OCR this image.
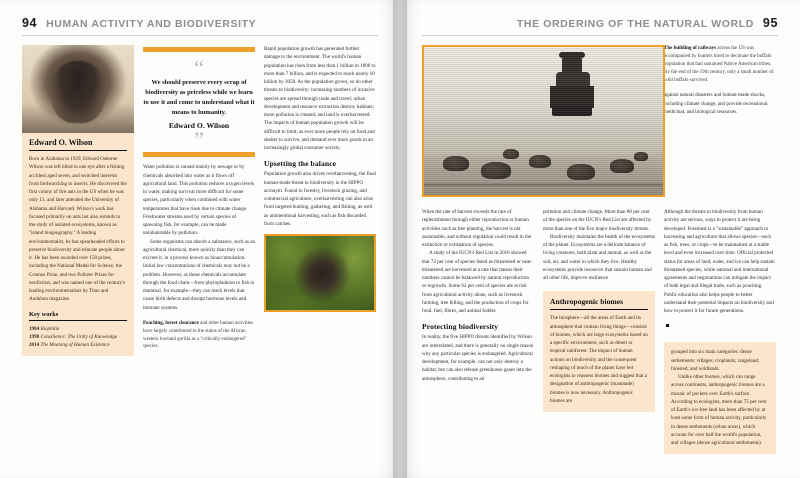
94 HUMAN ACTIVITY AND BIODIVERSITY
Edward O. Wilson

Born in Alabama in 1929, Edward Osborne Wilson was left blind in one eye after a fishing accident aged seven, and switched interests from birdwatching to insects. He discovered the first colony of fire ants in the US when he was only 13, and later attended the University of Alabama and Harvard. Wilson's work has focused primarily on ants but also extends to the study of isolated ecosystems, known as "island biogeography." A leading environmentalist, he has spearheaded efforts to preserve biodiversity and educate people about it. He has been awarded over 150 prizes, including the National Medal for Science, the Cosmos Prize, and two Pulitzer Prizes for nonfiction, and was named one of the century's leading environmentalists by Time and Audubon magazine.

Key works
1984 Biophilia
1998 Consilience: The Unity of Knowledge
2014 The Meaning of Human Existence
“
We should preserve every scrap of biodiversity as priceless while we learn to use it and come to understand what it means to humanity.
Edward O. Wilson
”

Water pollution is caused mainly by sewage or by chemicals absorbed into water as it flows off agricultural land. This pollution reduces oxygen levels in water, making survival more difficult for some species, particularly when combined with water temperatures that have risen due to climate change. Freshwater streams used by certain species of spawning fish, for example, can be made uninhabitable by pollution.

Some organisms can absorb a substance, such as an agricultural chemical, more quickly than they can excrete it, in a process known as bioaccumulation. Initial low concentrations of chemicals may not be a problem. However, as those chemicals accumulate through the food chain—from phytoplankton to fish to mammal, for example—they can reach levels that cause birth defects and disrupt hormone levels and immune systems.

Poaching, forest clearance and other human activities have largely contributed to the status of the African western lowland gorilla as a "critically endangered" species.

Rapid population growth has generated further damage to the environment. The world's human population has risen from less than 1 billion in 1800 to more than 7 billion, and is expected to reach nearly 10 billion by 2050. As the population grows, so do other threats to biodiversity: increasing numbers of invasive species are spread through trade and travel; urban development and resource extraction destroy habitats; more pollution is created; and land is overharvested. The impacts of human population growth will be difficult to limit, as ever more people rely on food and shelter to survive, and demand ever more goods in an increasingly global consumer society.

Upsetting the balance

Population growth also drives overharvesting, the final human-made threat to biodiversity in the HIPPO acronym. Found in forestry, livestock grazing, and commercial agriculture, overharvesting can also arise from targeted hunting, gathering, and fishing, as well as unintentional harvesting, such as fish discarded from catches.

THE ORDERING OF THE NATURAL WORLD 95
The building of railways across the US was accompanied by hunters hired to decimate the buffalo population that had sustained Native American tribes. By the end of the 19th century, only a small number of wild buffalo survived.

against natural disasters and human-made shocks, including climate change, and provide recreational, medicinal, and biological resources.

When the rate of harvest exceeds the rate of replenishment through either reproduction or human activities such as tree planting, the harvest is not sustainable, and without regulation could result in the extinction or extirpation of species.

A study of the IUCN's Red List in 2016 showed that 72 per cent of species listed as threatened or near-threatened are harvested at a rate that means their numbers cannot be balanced by natural reproduction or regrowth. Some 62 per cent of species are at risk from agricultural activity alone, such as livestock farming, tree felling, and the production of crops for food, fuel, fibres, and animal fodder.

Protecting biodiversity

In reality, the five HIPPO threats identified by Wilson are interrelated, and there is generally no single reason why any particular species is endangered. Agricultural development, for example, can not only destroy a habitat, but can also release greenhouse gases into the atmosphere, contributing to air

pollution and climate change. More than 80 per cent of the species on the IUCN's Red List are affected by more than one of the five major biodiversity threats.

Biodiversity maintains the health of the ecosystems of the planet. Ecosystems are a delicate balance of living creatures, both plant and animal, as well as the soil, air, and water in which they live. Healthy ecosystems provide resources that sustain human and all other life, improve resilience

Anthropogenic biomes

The biosphere—all the areas of Earth and its atmosphere that contain living things—consists of biomes, which are large ecosystems based on a specific environment, such as desert or tropical rainforest. The impact of human actions on biodiversity and the consequent reshaping of much of the planet have led ecologists to reassess biomes and suggest that a designation of anthropogenic (manmade) biomes is now necessary. Anthropogenic biomes are

Although the threats to biodiversity from human activity are serious, ways to protect it are being developed. Foremost is a "sustainable" approach to harvesting and agriculture that allows species—such as fish, trees, or crops—to be maintained at a stable level and even increased over time. Official protected status for areas of land, water, and ice can help sustain threatened species, while national and international agreements and negotiations can mitigate the impact of both legal and illegal trade, such as poaching. Public education also helps people to better understand their potential impacts on biodiversity and how to protect it for future generations.

grouped into six main categories: dense settlements; villages; croplands; rangeland; forested; and wildlands.

Unlike other biomes, which can range across continents, anthropogenic biomes are a mosaic of pockets over Earth's surface. According to ecologists, more than 75 per cent of Earth's ice-free land has been affected by at least some form of human activity, particularly in dense settlements (urban areas), which account for over half the world's population, and villages (dense agricultural settlements).
